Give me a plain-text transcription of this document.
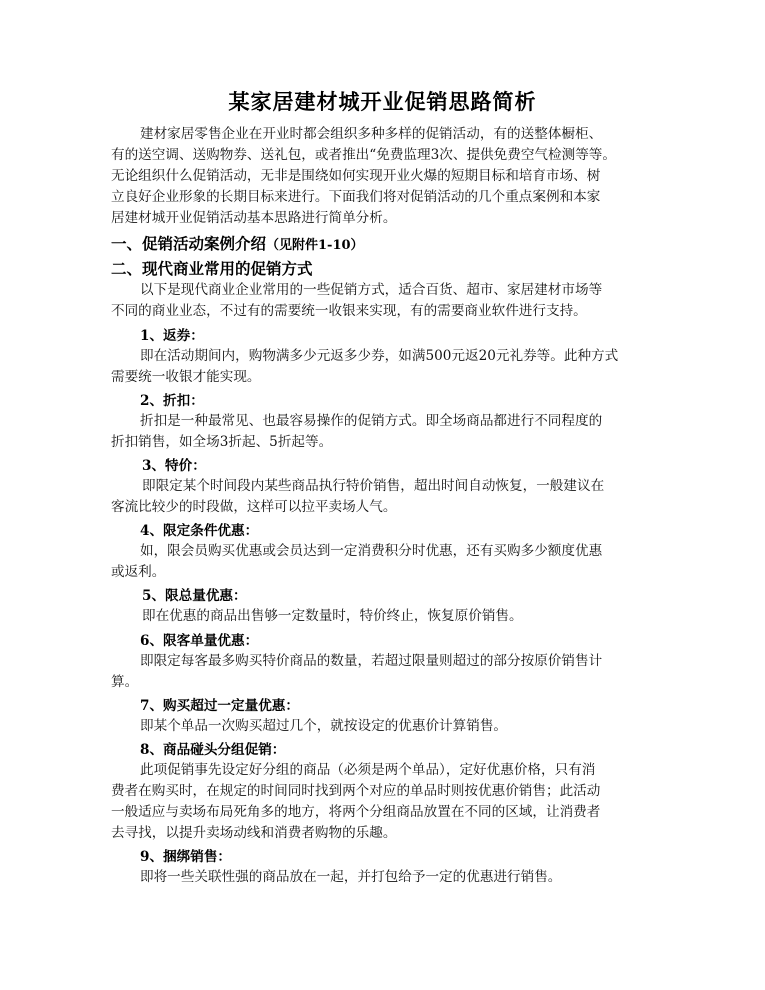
某家居建材城开业促销思路简析
建材家居零售企业在开业时都会组织多种多样的促销活动，有的送整体橱柜、
有的送空调、送购物券、送礼包，或者推出“免费监理3次、提供免费空气检测等等。
无论组织什么促销活动，无非是围绕如何实现开业火爆的短期目标和培育市场、树
立良好企业形象的长期目标来进行。下面我们将对促销活动的几个重点案例和本家
居建材城开业促销活动基本思路进行简单分析。
一、促销活动案例介绍（见附件1-10）
二、现代商业常用的促销方式
以下是现代商业企业常用的一些促销方式，适合百货、超市、家居建材市场等
不同的商业业态，不过有的需要统一收银来实现，有的需要商业软件进行支持。
1、返券：
即在活动期间内，购物满多少元返多少券，如满500元返20元礼券等。此种方式
需要统一收银才能实现。
2、折扣：
折扣是一种最常见、也最容易操作的促销方式。即全场商品都进行不同程度的
折扣销售，如全场3折起、5折起等。
3、特价：
即限定某个时间段内某些商品执行特价销售，超出时间自动恢复，一般建议在
客流比较少的时段做，这样可以拉平卖场人气。
4、限定条件优惠：
如，限会员购买优惠或会员达到一定消费积分时优惠，还有买购多少额度优惠
或返利。
5、限总量优惠：
即在优惠的商品出售够一定数量时，特价终止，恢复原价销售。
6、限客单量优惠：
即限定每客最多购买特价商品的数量，若超过限量则超过的部分按原价销售计
算。
7、购买超过一定量优惠：
即某个单品一次购买超过几个，就按设定的优惠价计算销售。
8、商品碰头分组促销：
此项促销事先设定好分组的商品（必须是两个单品），定好优惠价格，只有消
费者在购买时，在规定的时间同时找到两个对应的单品时则按优惠价销售；此活动
一般适应与卖场布局死角多的地方，将两个分组商品放置在不同的区域，让消费者
去寻找，以提升卖场动线和消费者购物的乐趣。
9、捆绑销售：
即将一些关联性强的商品放在一起，并打包给予一定的优惠进行销售。
